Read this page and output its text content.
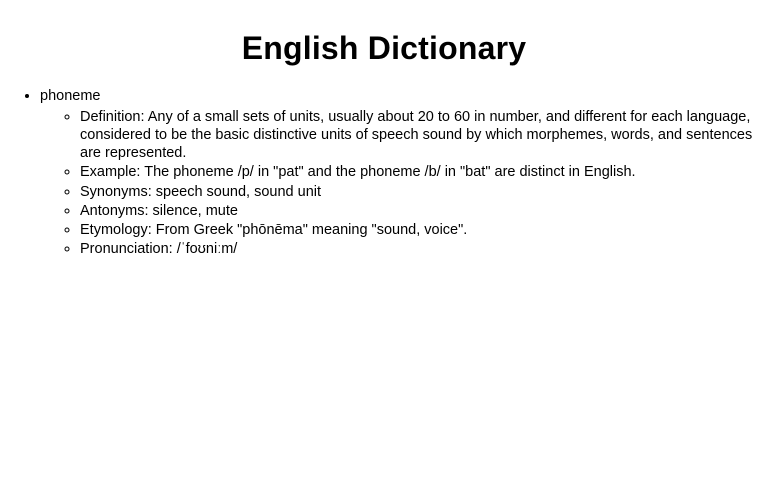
English Dictionary
• phoneme
◦ Definition: Any of a small sets of units, usually about 20 to 60 in number, and different for each language, considered to be the basic distinctive units of speech sound by which morphemes, words, and sentences are represented.
◦ Example: The phoneme /p/ in "pat" and the phoneme /b/ in "bat" are distinct in English.
◦ Synonyms: speech sound, sound unit
◦ Antonyms: silence, mute
◦ Etymology: From Greek "phōnēma" meaning "sound, voice".
◦ Pronunciation: /ˈfoʊniːm/
